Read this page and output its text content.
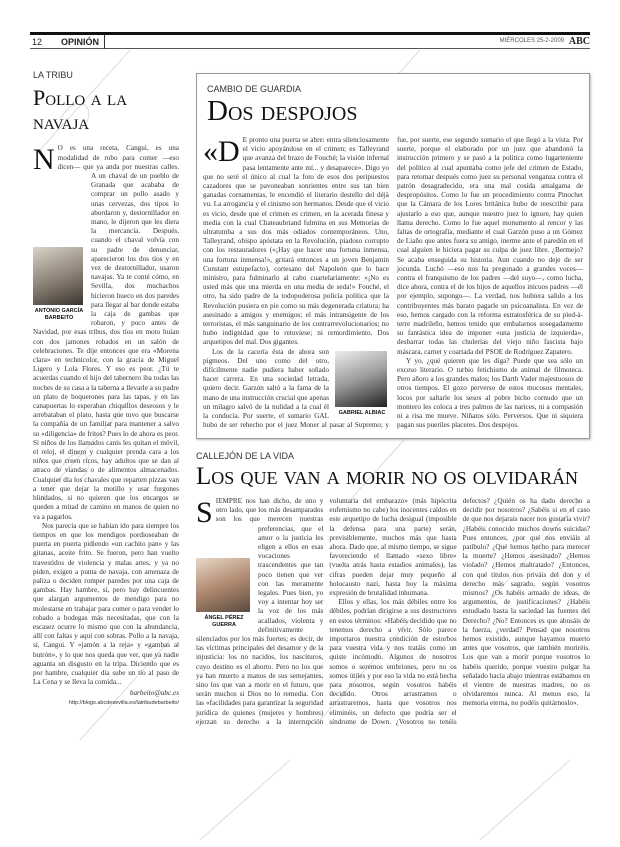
12	OPINIÓN	MIÉRCOLES 25-2-2009 ABC
LA TRIBU
Pollo a la navaja
N
ANTONIO GARCÍA BARBEITO
O es una receta, Cangui, es una modalidad de robo para comer —eso dicen— que ya anda por nuestras calles. A un chaval de un pueblo de Granada que acababa de comprar un pollo asado y unas cervezas, dos tipos lo abordaron y, destornillador en mano, le dijeron que les diera la mercancía. Después, cuando el chaval volvía con su padre de denunciar, aparecieron los dos tíos y en vez de destornillador, usaron navajas. Ya te conté cómo, en Sevilla, dos muchachos hicieron hueco en dos paredes para llegar al bar donde estaba la caja de gambas que robaron, y poco antes de Navidad, por esas tribus, dos tíos en moto huían con dos jamones robados en un salón de celebraciones. Te dije entonces que era «Morena clara» en technicolor, con la gracia de Miguel Ligero y Lola Flores. Y eso es peor. ¿Tú te acuerdas cuando el hijo del tabernero iba todas las noches de su casa a la taberna a llevarle a su padre un plato de boquerones para las tapas, y en las canapuertas lo esperaban chiquillos deseosos y le arrebataban el plato, hasta que tuvo que buscarse la compañía de un familiar para mantener a salvo su «diligencia» de fritos? Pues lo de ahora es peor. Si niños de los llamados canis les quitan el móvil, el reloj, el dinero y cualquier prenda cara a los niños que creen ricos, hay adultos que se dan al atraco de viandas o de alimentos almacenados. Cualquier día los chavales que reparten pizzas van a tener que dejar la motillo y usar furgones blindados, si no quieren que los encargos se queden a mitad de camino en manos de quien no va a pagarlos.

Nos parecía que se habían ido para siempre los tiempos en que los mendigos pordioseaban de puerta en puerta pidiendo «un cachito pan» y las gitanas, aceite frito. Se fueron, pero han vuelto travestidos de violencia y malas artes, y ya no piden, exigen a punta de navaja, con amenaza de paliza o deciden romper paredes por una caja de gambas. Hay hambre, sí, pero hay delincuentes que alargan argumentos de mendigo para no molestarse en trabajar para comer o para vender lo robado a bodegas más necesitadas, que con la escasez ocurre lo mismo que con la abundancia, allí con faltas y aquí con sobras. Pollo a la navaja, sí, Cangui. Y «jamón a la reja» y «gambas al butrón», y lo que nos queda que ver, que ya nadie aguanta un disgusto en la tripa. Diciendo que es por hambre, cualquier día sube un tío al paso de La Cena y se lleva la comida...

barbeito@abc.es
http://blogs.abcdesevilla.es/latribudebarbeito/
CAMBIO DE GUARDIA
Dos despojos
«D E pronto una puerta se abre: entra silenciosamente el vicio apoyándose en el crimen; es Talleyrand que avanza del brazo de Fouché; la visión infernal pasa lentamente ante mí... y desaparece». Digo yo que no seré el único al cual la foto de esos dos peripuestos cazadores que se pavoneaban sonrientes entre sus tan bien ganadas cornamentas, le encendió el literario destello del déjà vu. La arrogancia y el cinismo son hermanos. Desde que el vicio es vicio, desde que el crimen es crimen, en la acerada finesa y media con la cual Chateaubriand fulmina en sus Memorias de ultratumba a sus dos más odiados contemporáneos. Uno, Talleyrand, obispo apóstata en la Revolución, piadoso corrupto con los restauradores («¡Hay que hacer una fortuna inmensa, una fortuna inmensa!», gritará entonces a un joven Benjamin Constant estupefacto), cortesano del Napoleón que lo hace ministro, para fulminarlo al cabo cuartelariamente: «¡No es usted más que una mierda en una media de seda!» Fouché, el otro, ha sido padre de la todopoderosa policía política que la Revolución pusiera en pie como su más degenerada criatura; ha asesinado a amigos y enemigos; el más intransigente de los terroristas, el más sanguinario de los contrarrevolucionarios; no hubo indignidad que lo retuviese; ni remordimiento. Dos arquetipos del mal. Dos gigantes.
GABRIEL ALBIAC
Los de la cacería ésta de ahora son pigmeos. Del uno como del otro, difícilmente nadie pudiera haber soñado hacer carrera. En una sociedad letrada, quiero decir. Garzón saltó a la fama de la mano de una instrucción crucial que apenas un milagro salvó de la nulidad a la cual él la conducía. Por suerte, el sumario GAL hubo de ser rehecho por el juez Moner al pasar al Supremo; y fue, por suerte, ese segundo sumario el que llegó a la vista. Por suerte, porque el elaborado por un juez que abandonó la instrucción primero y se pasó a la política como lugarteniente del político al cual apuntaba como jefe del crimen de Estado, para retomar después como juez su personal venganza contra el patrón desagradecido, era una mal cosida amalgama de despropósitos. Como lo fue un procedimiento contra Pinochet que la Cámara de los Lores británica hubo de reescribir para ajustarlo a eso que, aunque nuestro juez lo ignore, hay quien llama derecho. Como lo fue aquel monumento al rencor y las faltas de ortografía, mediante el cual Garzón puso a un Gómez de Liaño que antes fuera su amigo, inerme ante el paredón en el cual alguien le hiciera pagar su culpa de juez libre. ¿Bermejo? Se acaba enseguida su historia. Aun cuando no deje de ser jocunda. Luchó —eso nos ha pregonado a grandes voces— contra el franquismo de los padres —del suyo—, como lucha, dice ahora, contra el de los hijos de aquellos inicuos padres —él por ejemplo, supongo—. La verdad, nos hubiera salido a los contribuyentes más barato pagarle un psicoanalista. En vez de eso, hemos cargado con la reforma estratosférica de su pied-à-terre madrileño, hemos tenido que embalarnos sosegadamente su fantástica idea de imponer «una justicia de izquierda», desbarrar todas las chulerías del viejo niño fascista bajo máscara, carnet y coartada del PSOE de Rodríguez Zapatero.

Y yo, ¿qué quieren que les diga? Puede que sea sólo un exceso literario. O turbio fetichismo de animal de filmoteca. Pero añoro a los grandes malos; los Darth Vader majestuosos de otros tiempos. El gozo perverso de estos mocosos mentales, locos por saltarle los sesos al pobre bicho cornudo que un montero les coloca a tres palmos de las narices, ni a compasión ni a risa me mueve. Niñatos sólo. Perversos. Que ni siquiera pagan sus pueriles placeres. Dos despojos.

CALLEJÓN DE LA VIDA
Los que van a morir no os olvidarán
S
ÁNGEL PÉREZ GUERRA
IEMPRE nos han dicho, de uno y otro lado, que los más desamparados son los que merecen nuestras preferencias, que el amor o la justicia les eligen a ellos en esas vocaciones trascendentes que tan poco tienen que ver con las meramente legales. Pues bien, yo voy a intentar hoy ser la voz de los más acallados, violenta y definitivamente silenciados por los más fuertes; es decir, de las víctimas principales del desamor y de la injusticia: los no nacidos, los nascituros, cuyo destino es el aborto. Pero no los que ya han muerto a manos de sus semejantes, sino los que van a morir en el futuro, que serán muchos si Dios no lo remedia. Con las «facilidades para garantizar la seguridad jurídica de quienes (mujeres y hombres) ejerzan su derecho a la interrupción voluntaria del embarazo» (más hipócrita eufemismo no cabe) los inocentes caídos en este arquetipo de lucha desigual (imposible la defensa para una parte) serán, previsiblemente, muchos más que hasta ahora. Dado que, al mismo tiempo, se sigue favoreciendo el llamado «sexo libre» (vuelta atrás hasta estadios animales), las cifras pueden dejar muy pequeño al holocausto nazi, hasta hoy la máxima expresión de brutalidad inhumana.

Ellos y ellas, los más débiles entre los débiles, podrían dirigirse a sus destructores en estos términos: «Habéis decidido que no tenemos derecho a vivir. Sólo parece importaros nuestra condición de estorbos para vuestra vida y nos tratáis como un quiste incómodo. Algunos de nosotros somos o seremos embriones, pero no os somos útiles y por eso la vida no está hecha para nosotros, según vosotros habéis decidido. Otros arrastramos o arrastraremos, hasta que vosotros nos eliminéis, un defecto que podría ser el síndrome de Down. ¿Vosotros no tenéis defectos? ¿Quién os ha dado derecho a decidir por nosotros? ¿Sabéis si en el caso de que nos dejarais nacer nos gustaría vivir? ¿Habéis conocido muchos downs suicidas? Pues entonces, ¿por qué nos enviáis al patíbulo? ¿Qué hemos hecho para merecer la muerte? ¿Hemos asesinado? ¿Hemos violado? ¿Hemos maltratado? ¿Entonces, con qué títulos nos priváis del don y el derecho más sagrado, según vosotros mismos? ¿Os habéis armado de ideas, de argumentos, de justificaciones? ¿Habéis estudiado hasta la saciedad las fuentes del Derecho? ¿No? Entonces es que abusáis de la fuerza, ¿verdad? Pensad que nosotros hemos existido, aunque hayamos muerto antes que vosotros, que también moriréis. Los que van a morir porque vosotros lo habéis querido, porque vuestro pulgar ha señalado hacia abajo mientras estábamos en el vientre de nuestras madres, no os olvidaremos nunca. Al menos eso, la memoria eterna, no podéis quitárnoslo».
